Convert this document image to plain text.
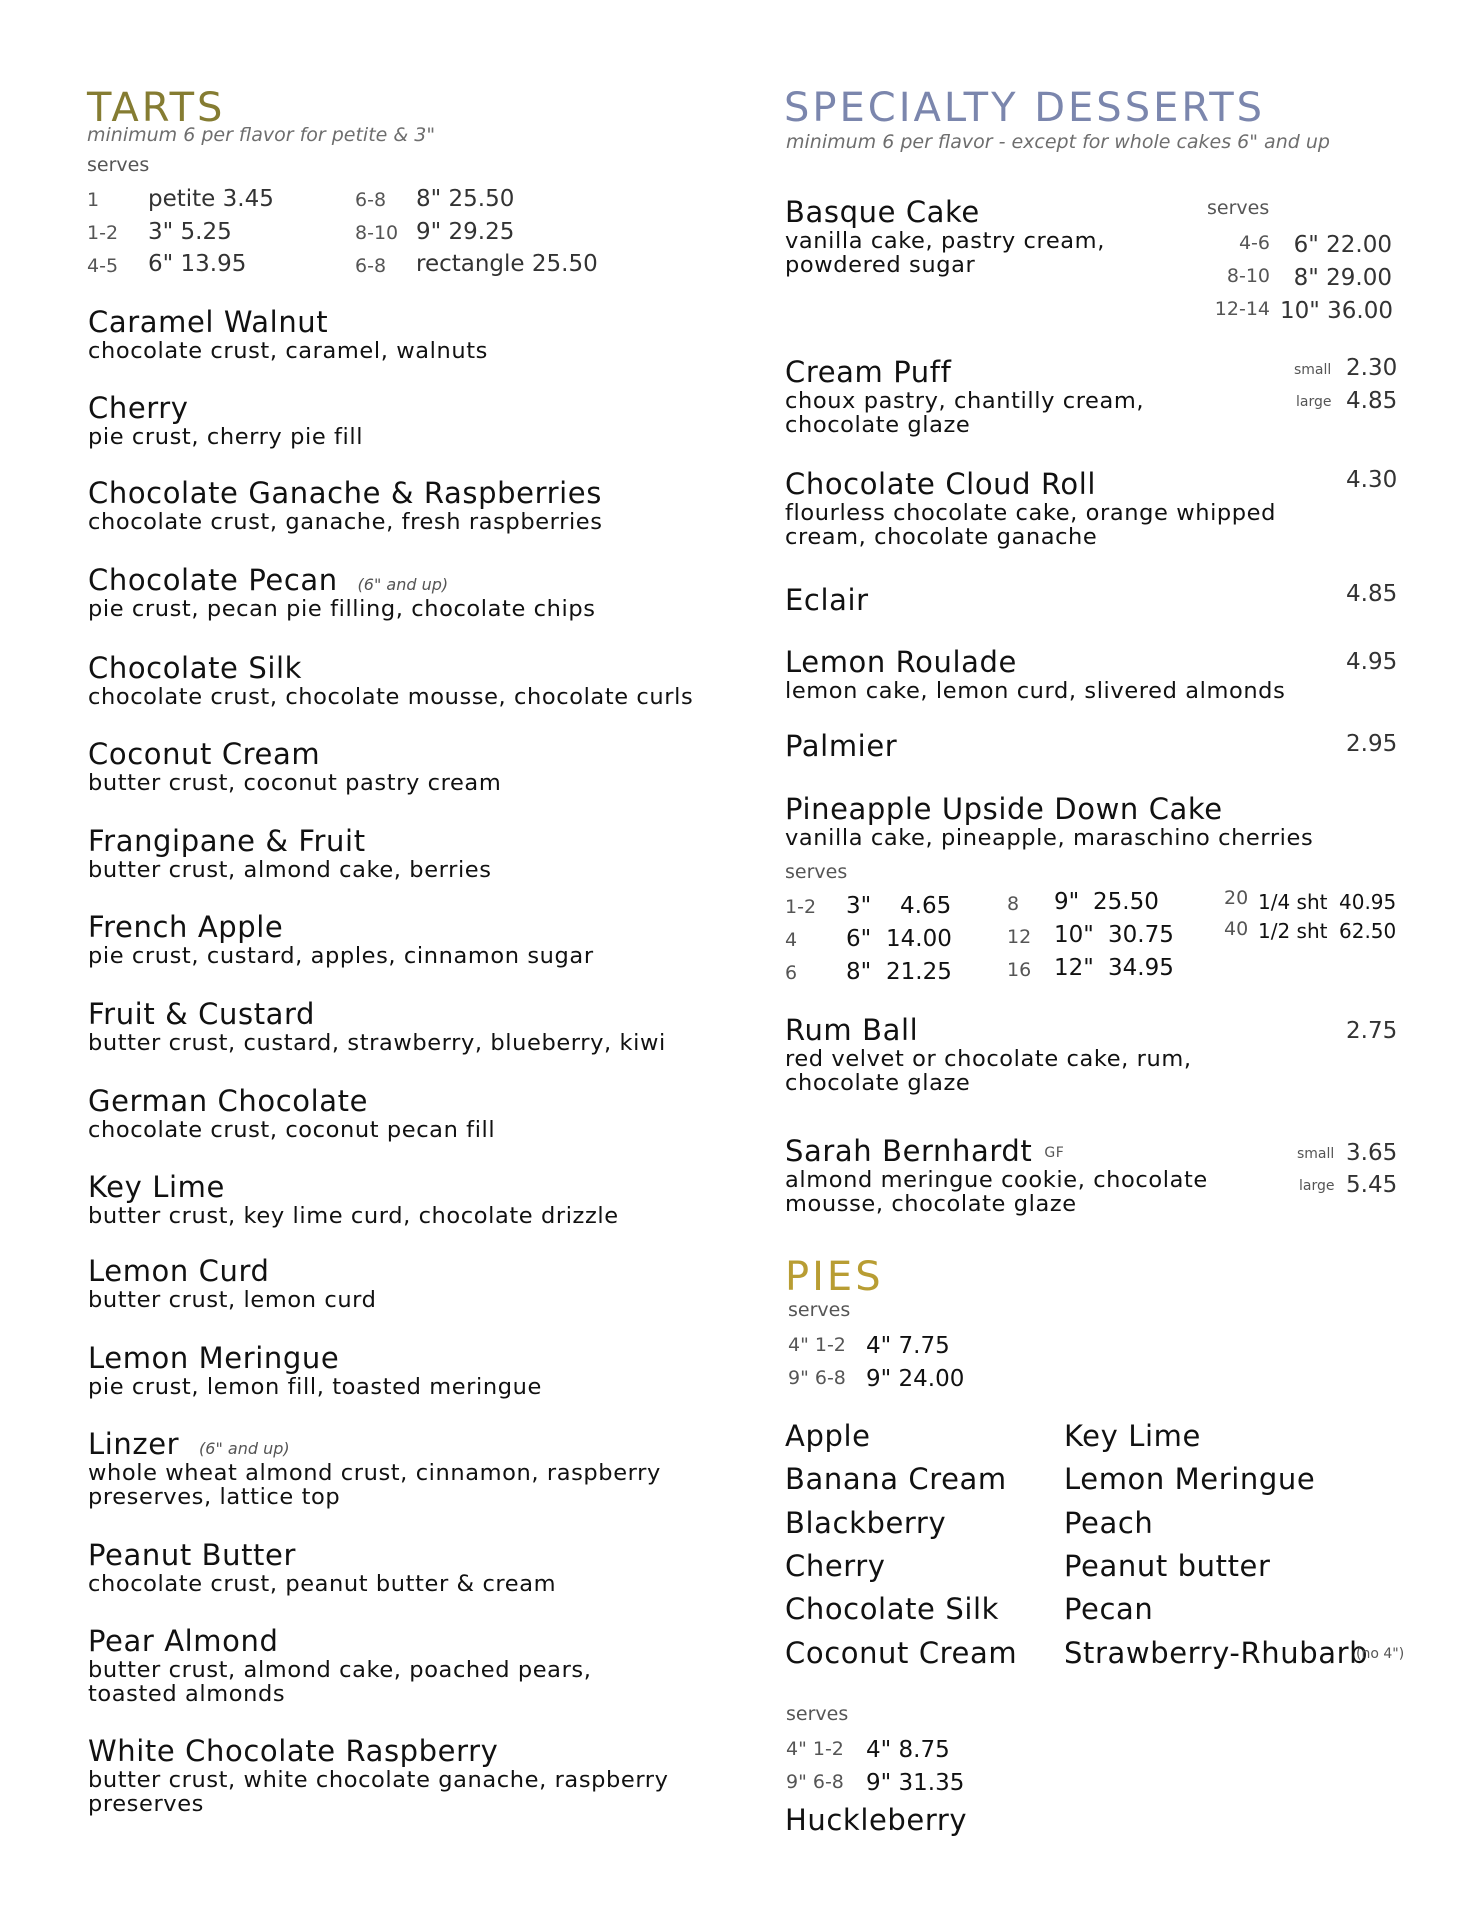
TARTS
minimum 6 per flavor for petite & 3"
serves
1 petite 3.45
1-2 3" 5.25
4-5 6" 13.95
6-8 8" 25.50
8-10 9" 29.25
6-8 rectangle 25.50
Caramel Walnut
chocolate crust, caramel, walnuts
Cherry
pie crust, cherry pie fill
Chocolate Ganache & Raspberries
chocolate crust, ganache, fresh raspberries
Chocolate Pecan (6" and up)
pie crust, pecan pie filling, chocolate chips
Chocolate Silk
chocolate crust, chocolate mousse, chocolate curls
Coconut Cream
butter crust, coconut pastry cream
Frangipane & Fruit
butter crust, almond cake, berries
French Apple
pie crust, custard, apples, cinnamon sugar
Fruit & Custard
butter crust, custard, strawberry, blueberry, kiwi
German Chocolate
chocolate crust, coconut pecan fill
Key Lime
butter crust, key lime curd, chocolate drizzle
Lemon Curd
butter crust, lemon curd
Lemon Meringue
pie crust, lemon fill, toasted meringue
Linzer (6" and up)
whole wheat almond crust, cinnamon, raspberry preserves, lattice top
Peanut Butter
chocolate crust, peanut butter & cream
Pear Almond
butter crust, almond cake, poached pears, toasted almonds
White Chocolate Raspberry
butter crust, white chocolate ganache, raspberry preserves
SPECIALTY DESSERTS
minimum 6 per flavor - except for whole cakes 6" and up
Basque Cake
vanilla cake, pastry cream, powdered sugar
serves
4-6	6" 22.00
8-10	8" 29.00
12-14 10" 36.00
Cream Puff
choux pastry, chantilly cream, chocolate glaze
small 2.30
large 4.85
Chocolate Cloud Roll
flourless chocolate cake, orange whipped cream, chocolate ganache
4.30
Eclair	4.85
Lemon Roulade
lemon cake, lemon curd, slivered almonds
4.95
Palmier	2.95
Pineapple Upside Down Cake
vanilla cake, pineapple, maraschino cherries
serves
1-2 3" 4.65
4 6" 14.00
6 8" 21.25
8 9" 25.50
12 10" 30.75
16 12" 34.95
20 1/4 sht 40.95
40 1/2 sht 62.50
Rum Ball
red velvet or chocolate cake, rum, chocolate glaze
2.75
Sarah Bernhardt GF
almond meringue cookie, chocolate mousse, chocolate glaze
small 3.65
large 5.45
PIES
serves
4" 1-2 4" 7.75
9" 6-8 9" 24.00
Apple
Banana Cream
Blackberry
Cherry
Chocolate Silk
Coconut Cream
Key Lime
Lemon Meringue
Peach
Peanut butter
Pecan
Strawberry-Rhubarb
(no 4")
serves
4" 1-2 4" 8.75
9" 6-8 9" 31.35
Huckleberry
